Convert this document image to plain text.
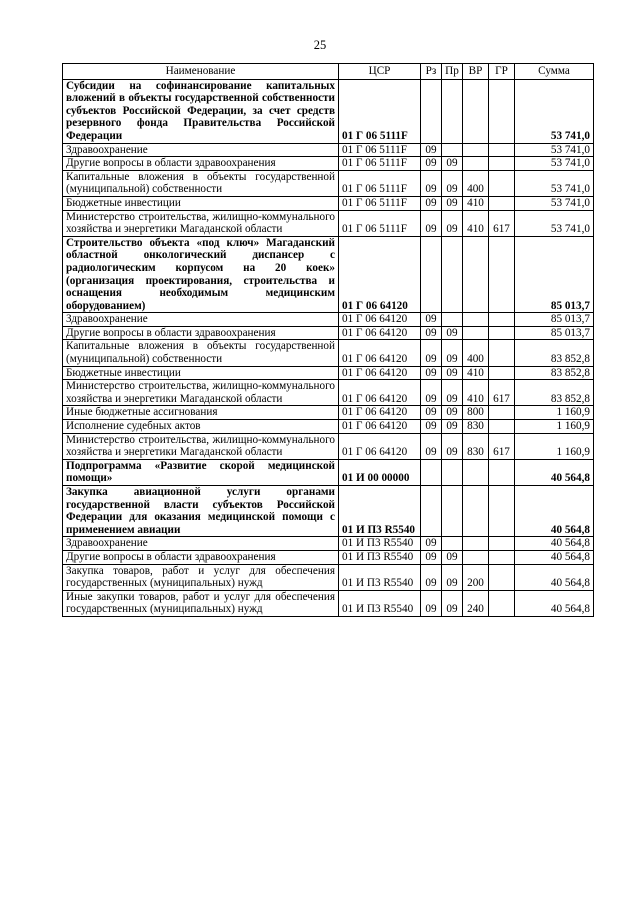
25
Наименование	ЦСР	Рз	Пр	ВР	ГР	Сумма
Субсидии на софинансирование капитальных вложений в объекты государственной собственности субъектов Российской Федерации, за счет средств резервного фонда Правительства Российской Федерации	01 Г 06 5111F					53 741,0
Здравоохранение	01 Г 06 5111F	09				53 741,0
Другие вопросы в области здравоохранения	01 Г 06 5111F	09	09			53 741,0
Капитальные вложения в объекты государственной (муниципальной) собственности	01 Г 06 5111F	09	09	400		53 741,0
Бюджетные инвестиции	01 Г 06 5111F	09	09	410		53 741,0
Министерство строительства, жилищно-коммунального хозяйства и энергетики Магаданской области	01 Г 06 5111F	09	09	410	617	53 741,0
Строительство объекта «под ключ» Магаданский областной онкологический диспансер с радиологическим корпусом на 20 коек» (организация проектирования, строительства и оснащения необходимым медицинским оборудованием)	01 Г 06 64120					85 013,7
Здравоохранение	01 Г 06 64120	09				85 013,7
Другие вопросы в области здравоохранения	01 Г 06 64120	09	09			85 013,7
Капитальные вложения в объекты государственной (муниципальной) собственности	01 Г 06 64120	09	09	400		83 852,8
Бюджетные инвестиции	01 Г 06 64120	09	09	410		83 852,8
Министерство строительства, жилищно-коммунального хозяйства и энергетики Магаданской области	01 Г 06 64120	09	09	410	617	83 852,8
Иные бюджетные ассигнования	01 Г 06 64120	09	09	800		1 160,9
Исполнение судебных актов	01 Г 06 64120	09	09	830		1 160,9
Министерство строительства, жилищно-коммунального хозяйства и энергетики Магаданской области	01 Г 06 64120	09	09	830	617	1 160,9
Подпрограмма «Развитие скорой медицинской помощи»	01 И 00 00000					40 564,8
Закупка авиационной услуги органами государственной власти субъектов Российской Федерации для оказания медицинской помощи с применением авиации	01 И П3 R5540					40 564,8
Здравоохранение	01 И П3 R5540	09				40 564,8
Другие вопросы в области здравоохранения	01 И П3 R5540	09	09			40 564,8
Закупка товаров, работ и услуг для обеспечения государственных (муниципальных) нужд	01 И П3 R5540	09	09	200		40 564,8
Иные закупки товаров, работ и услуг для обеспечения государственных (муниципальных) нужд	01 И П3 R5540	09	09	240		40 564,8
